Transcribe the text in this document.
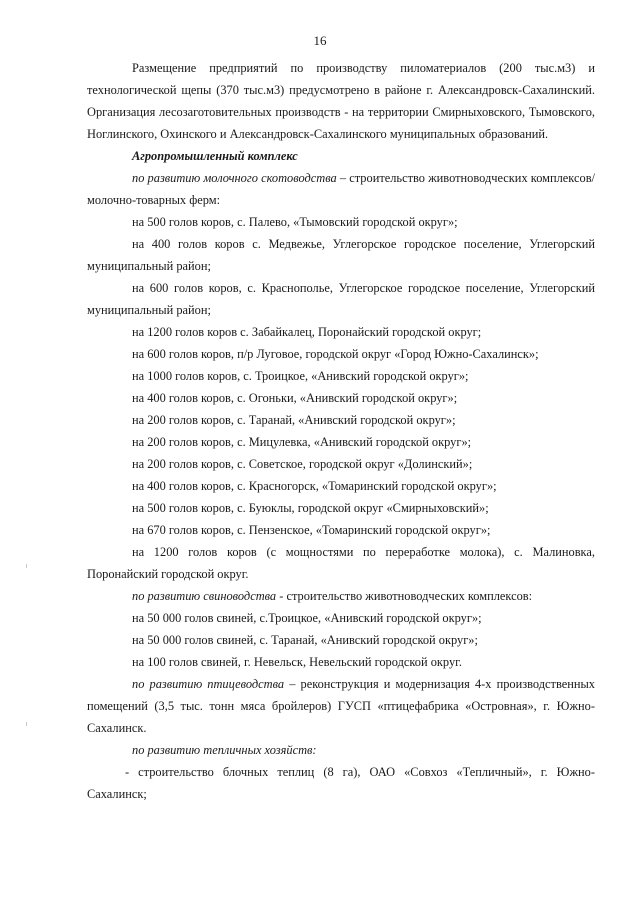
16

Размещение предприятий по производству пиломатериалов (200 тыс.м3) и технологической щепы (370 тыс.м3) предусмотрено в районе г. Александровск-Сахалинский. Организация лесозаготовительных производств - на территории Смирныховского, Тымовского, Ноглинского, Охинского и Александровск-Сахалинского муниципальных образований.

Агропромышленный комплекс

по развитию молочного скотоводства – строительство животноводческих комплексов/молочно-товарных ферм:

на 500 голов коров, с. Палево, «Тымовский городской округ»;

на 400 голов коров с. Медвежье, Углегорское городское поселение, Углегорский муниципальный район;

на 600 голов коров, с. Краснополье, Углегорское городское поселение, Углегорский муниципальный район;

на 1200 голов коров с. Забайкалец, Поронайский городской округ;

на 600 голов коров, п/р Луговое, городской округ «Город Южно-Сахалинск»;

на 1000 голов коров, с. Троицкое, «Анивский городской округ»;

на 400 голов коров, с. Огоньки, «Анивский городской округ»;

на 200 голов коров, с. Таранай, «Анивский городской округ»;

на 200 голов коров, с. Мицулевка, «Анивский городской округ»;

на 200 голов коров, с. Советское, городской округ «Долинский»;

на 400 голов коров, с. Красногорск, «Томаринский городской округ»;

на 500 голов коров, с. Буюклы, городской округ «Смирныховский»;

на 670 голов коров, с. Пензенское, «Томаринский городской округ»;

на 1200 голов коров (с мощностями по переработке молока), с. Малиновка, Поронайский городской округ.

по развитию свиноводства - строительство животноводческих комплексов:

на 50 000 голов свиней, с.Троицкое, «Анивский городской округ»;

на 50 000 голов свиней, с. Таранай, «Анивский городской округ»;

на 100 голов свиней, г. Невельск, Невельский городской округ.

по развитию птицеводства – реконструкция и модернизация 4-х производственных помещений (3,5 тыс. тонн мяса бройлеров) ГУСП «птицефабрика «Островная», г. Южно-Сахалинск.

по развитию тепличных хозяйств:

- строительство блочных теплиц (8 га), ОАО «Совхоз «Тепличный», г. Южно-Сахалинск;
